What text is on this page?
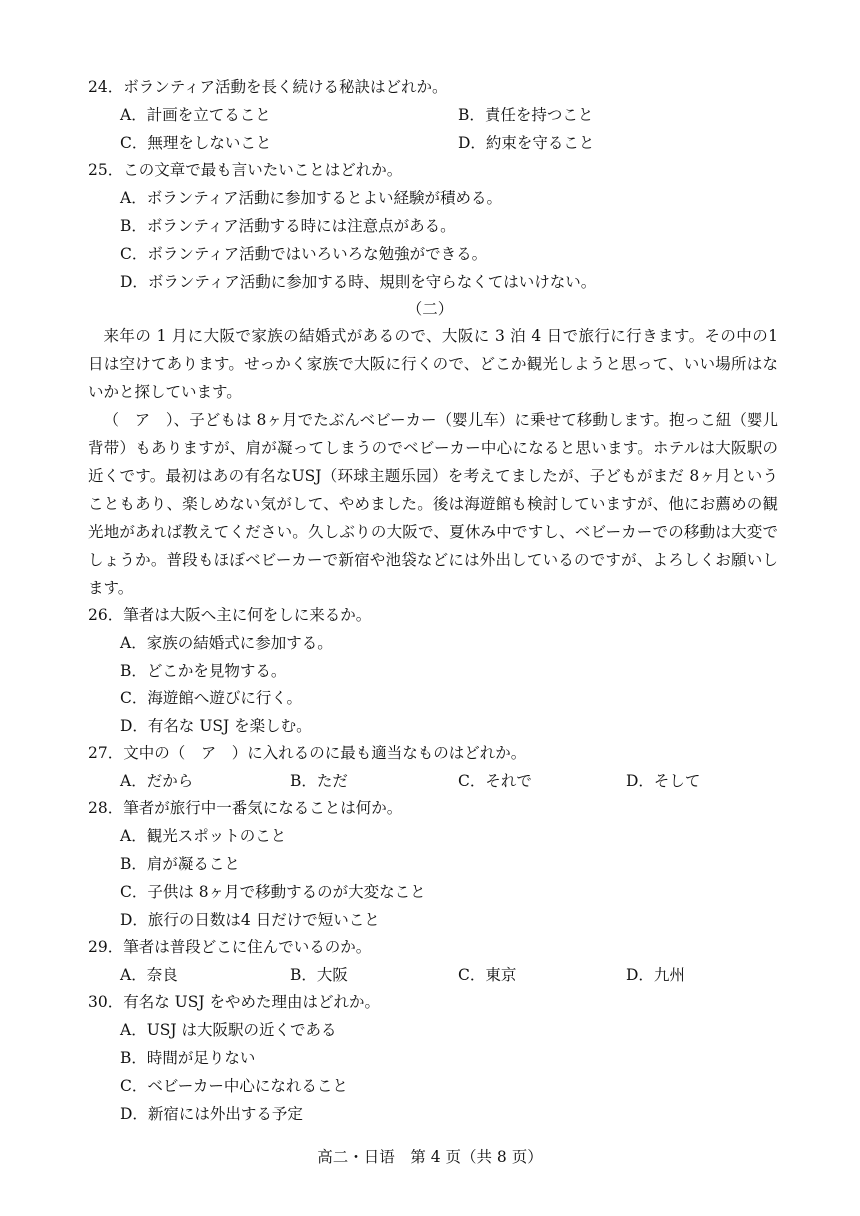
24．ボランティア活動を長く続ける秘訣はどれか。
A．計画を立てること	B．責任を持つこと
C．無理をしないこと	D．約束を守ること
25．この文章で最も言いたいことはどれか。
A．ボランティア活動に参加するとよい経験が積める。
B．ボランティア活動する時には注意点がある。
C．ボランティア活動ではいろいろな勉強ができる。
D．ボランティア活動に参加する時、規則を守らなくてはいけない。
（二）
来年の 1 月に大阪で家族の結婚式があるので、大阪に 3 泊 4 日で旅行に行きます。その中の1 日は空けてあります。せっかく家族で大阪に行くので、どこか観光しようと思って、いい場所はないかと探しています。
（　ア　）、子どもは 8ヶ月でたぶんベビーカー（婴儿车）に乗せて移動します。抱っこ紐（婴儿背带）もありますが、肩が凝ってしまうのでベビーカー中心になると思います。ホテルは大阪駅の近くです。最初はあの有名なUSJ（环球主题乐园）を考えてましたが、子どもがまだ 8ヶ月ということもあり、楽しめない気がして、やめました。後は海遊館も検討していますが、他にお薦めの観光地があれば教えてください。久しぶりの大阪で、夏休み中ですし、ベビーカーでの移動は大変でしょうか。普段もほぼベビーカーで新宿や池袋などには外出しているのですが、よろしくお願いします。
26．筆者は大阪へ主に何をしに来るか。
A．家族の結婚式に参加する。
B．どこかを見物する。
C．海遊館へ遊びに行く。
D．有名な USJ を楽しむ。
27．文中の（　ア　）に入れるのに最も適当なものはどれか。
A．だから	B．ただ	C．それで	D．そして
28．筆者が旅行中一番気になることは何か。
A．観光スポットのこと
B．肩が凝ること
C．子供は 8ヶ月で移動するのが大変なこと
D．旅行の日数は4 日だけで短いこと
29．筆者は普段どこに住んでいるのか。
A．奈良	B．大阪	C．東京	D．九州
30．有名な USJ をやめた理由はどれか。
A．USJ は大阪駅の近くである
B．時間が足りない
C．ベビーカー中心になれること
D．新宿には外出する予定
高二・日语　第 4 页（共 8 页）
